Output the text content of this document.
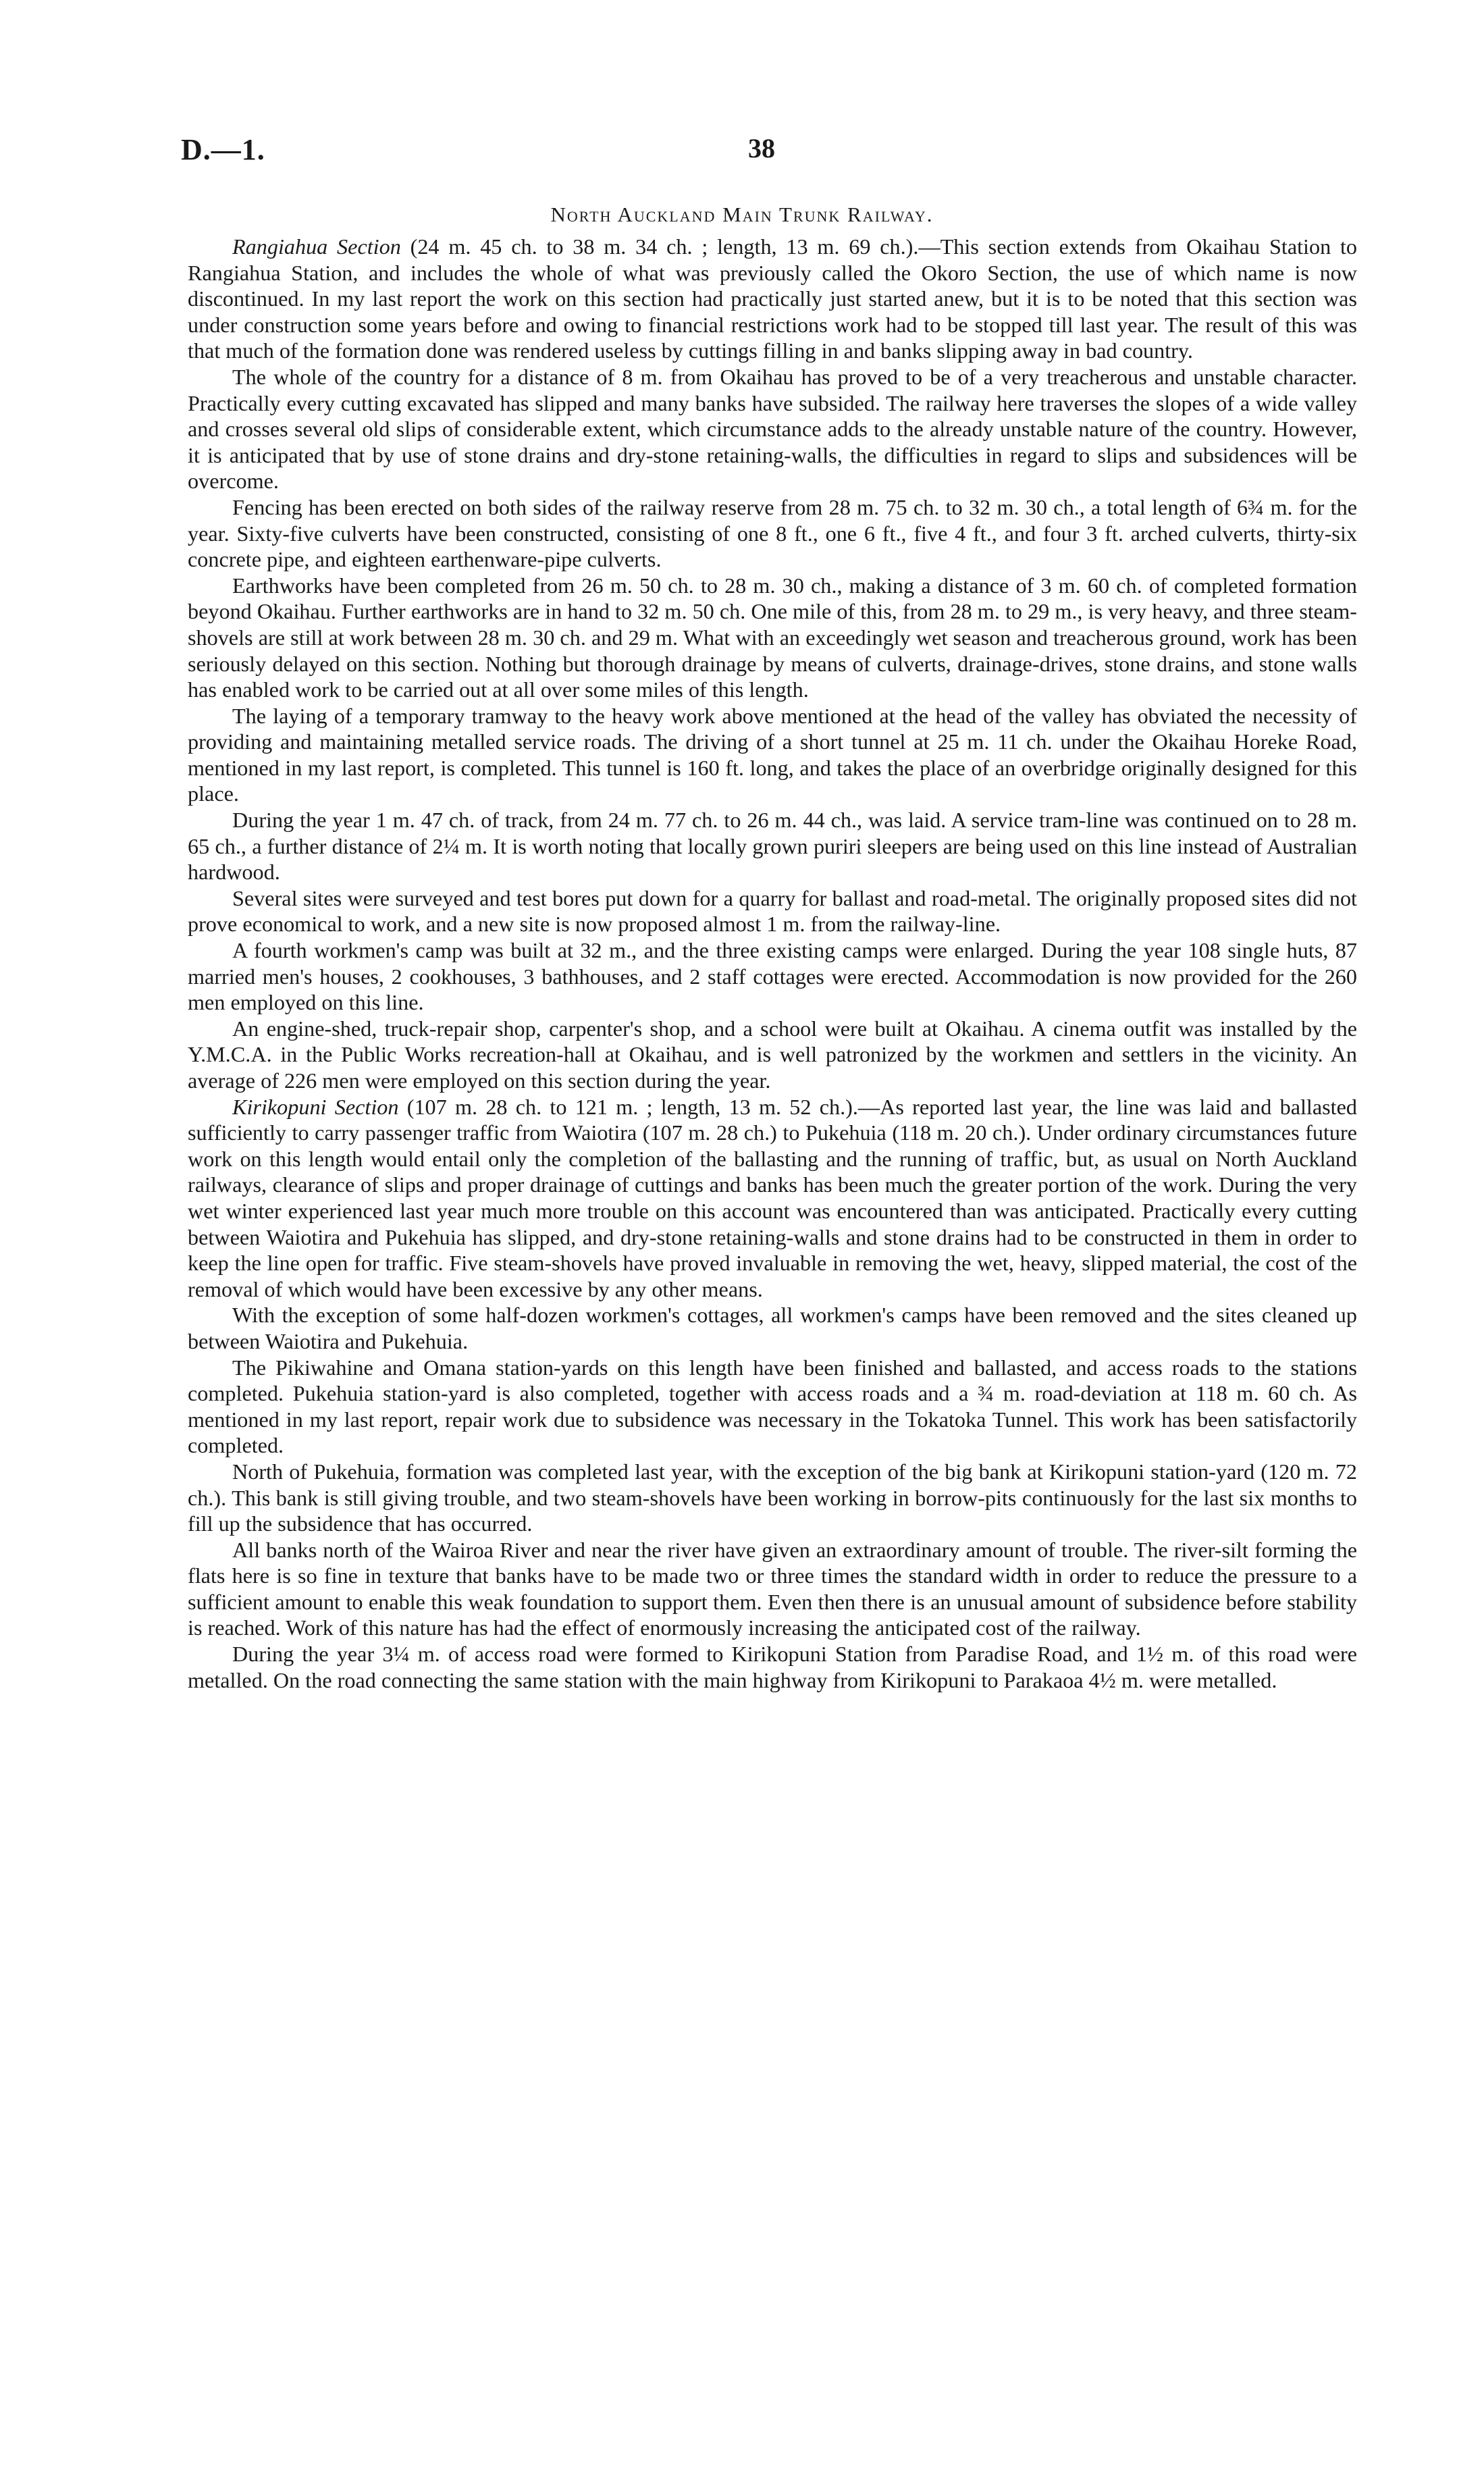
D.—1.	38
North Auckland Main Trunk Railway.

Rangiahua Section (24 m. 45 ch. to 38 m. 34 ch. ; length, 13 m. 69 ch.).—This section extends from Okaihau Station to Rangiahua Station, and includes the whole of what was previously called the Okoro Section, the use of which name is now discontinued. In my last report the work on this section had practically just started anew, but it is to be noted that this section was under construction some years before and owing to financial restrictions work had to be stopped till last year. The result of this was that much of the formation done was rendered useless by cuttings filling in and banks slipping away in bad country.

The whole of the country for a distance of 8 m. from Okaihau has proved to be of a very treacherous and unstable character. Practically every cutting excavated has slipped and many banks have subsided. The railway here traverses the slopes of a wide valley and crosses several old slips of considerable extent, which circumstance adds to the already unstable nature of the country. However, it is anticipated that by use of stone drains and dry-stone retaining-walls, the difficulties in regard to slips and subsidences will be overcome.

Fencing has been erected on both sides of the railway reserve from 28 m. 75 ch. to 32 m. 30 ch., a total length of 6¾ m. for the year. Sixty-five culverts have been constructed, consisting of one 8 ft., one 6 ft., five 4 ft., and four 3 ft. arched culverts, thirty-six concrete pipe, and eighteen earthenware-pipe culverts.

Earthworks have been completed from 26 m. 50 ch. to 28 m. 30 ch., making a distance of 3 m. 60 ch. of completed formation beyond Okaihau. Further earthworks are in hand to 32 m. 50 ch. One mile of this, from 28 m. to 29 m., is very heavy, and three steam-shovels are still at work between 28 m. 30 ch. and 29 m. What with an exceedingly wet season and treacherous ground, work has been seriously delayed on this section. Nothing but thorough drainage by means of culverts, drainage-drives, stone drains, and stone walls has enabled work to be carried out at all over some miles of this length.

The laying of a temporary tramway to the heavy work above mentioned at the head of the valley has obviated the necessity of providing and maintaining metalled service roads. The driving of a short tunnel at 25 m. 11 ch. under the Okaihau Horeke Road, mentioned in my last report, is completed. This tunnel is 160 ft. long, and takes the place of an overbridge originally designed for this place.

During the year 1 m. 47 ch. of track, from 24 m. 77 ch. to 26 m. 44 ch., was laid. A service tram-line was continued on to 28 m. 65 ch., a further distance of 2¼ m. It is worth noting that locally grown puriri sleepers are being used on this line instead of Australian hardwood.

Several sites were surveyed and test bores put down for a quarry for ballast and road-metal. The originally proposed sites did not prove economical to work, and a new site is now proposed almost 1 m. from the railway-line.

A fourth workmen's camp was built at 32 m., and the three existing camps were enlarged. During the year 108 single huts, 87 married men's houses, 2 cookhouses, 3 bathhouses, and 2 staff cottages were erected. Accommodation is now provided for the 260 men employed on this line.

An engine-shed, truck-repair shop, carpenter's shop, and a school were built at Okaihau. A cinema outfit was installed by the Y.M.C.A. in the Public Works recreation-hall at Okaihau, and is well patronized by the workmen and settlers in the vicinity. An average of 226 men were employed on this section during the year.

Kirikopuni Section (107 m. 28 ch. to 121 m. ; length, 13 m. 52 ch.).—As reported last year, the line was laid and ballasted sufficiently to carry passenger traffic from Waiotira (107 m. 28 ch.) to Pukehuia (118 m. 20 ch.). Under ordinary circumstances future work on this length would entail only the completion of the ballasting and the running of traffic, but, as usual on North Auckland railways, clearance of slips and proper drainage of cuttings and banks has been much the greater portion of the work. During the very wet winter experienced last year much more trouble on this account was encountered than was anticipated. Practically every cutting between Waiotira and Pukehuia has slipped, and dry-stone retaining-walls and stone drains had to be constructed in them in order to keep the line open for traffic. Five steam-shovels have proved invaluable in removing the wet, heavy, slipped material, the cost of the removal of which would have been excessive by any other means.

With the exception of some half-dozen workmen's cottages, all workmen's camps have been removed and the sites cleaned up between Waiotira and Pukehuia.

The Pikiwahine and Omana station-yards on this length have been finished and ballasted, and access roads to the stations completed. Pukehuia station-yard is also completed, together with access roads and a ¾ m. road-deviation at 118 m. 60 ch. As mentioned in my last report, repair work due to subsidence was necessary in the Tokatoka Tunnel. This work has been satisfactorily completed.

North of Pukehuia, formation was completed last year, with the exception of the big bank at Kirikopuni station-yard (120 m. 72 ch.). This bank is still giving trouble, and two steam-shovels have been working in borrow-pits continuously for the last six months to fill up the subsidence that has occurred.

All banks north of the Wairoa River and near the river have given an extraordinary amount of trouble. The river-silt forming the flats here is so fine in texture that banks have to be made two or three times the standard width in order to reduce the pressure to a sufficient amount to enable this weak foundation to support them. Even then there is an unusual amount of subsidence before stability is reached. Work of this nature has had the effect of enormously increasing the anticipated cost of the railway.

During the year 3¼ m. of access road were formed to Kirikopuni Station from Paradise Road, and 1½ m. of this road were metalled. On the road connecting the same station with the main highway from Kirikopuni to Parakaoa 4½ m. were metalled.
